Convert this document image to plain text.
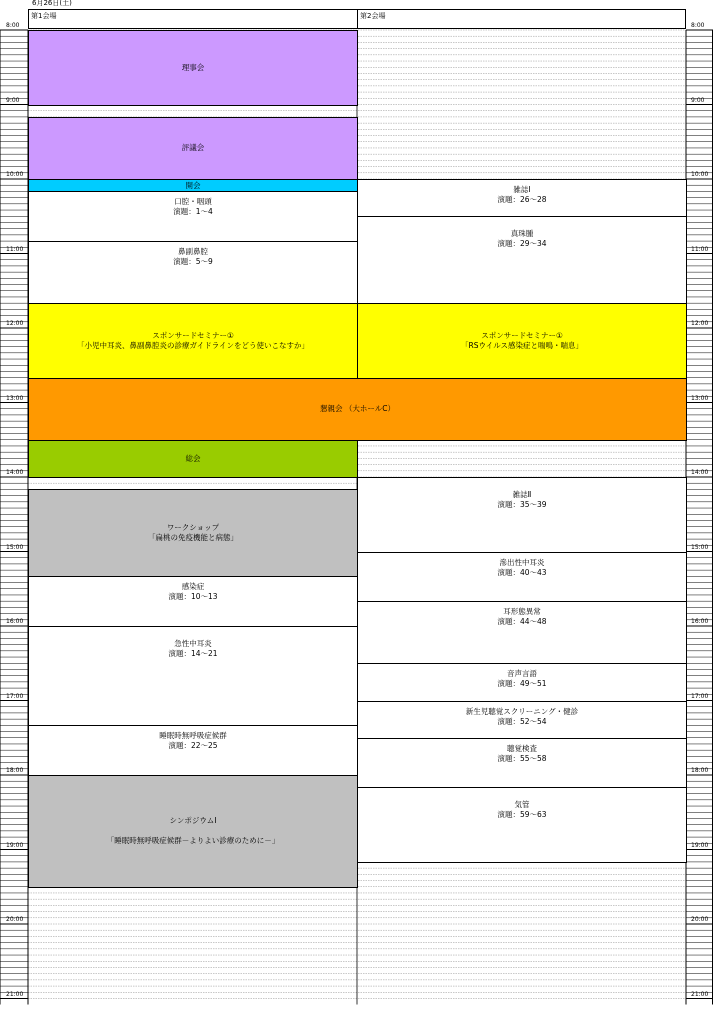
6月26日(土)
第1会場	第2会場
8:00
9:00
10:00
11:00
12:00
13:00
14:00
15:00
16:00
17:00
18:00
19:00
20:00
21:00
8:00
9:00
10:00
11:00
12:00
13:00
14:00
15:00
16:00
17:00
18:00
19:00
20:00
21:00
理事会
評議会
開会
口腔・咽頭
演題：1～4
鼻副鼻腔
演題：5～9
スポンサードセミナー①
「小児中耳炎、鼻副鼻腔炎の診療ガイドラインをどう使いこなすか」
雑誌Ⅰ
演題：26～28
真珠腫
演題：29～34
スポンサードセミナー①
「RSウイルス感染症と喘鳴・喘息」
懇親会 （大ホールC）
総会
ワークショップ
「扁桃の免疫機能と病態」
感染症
演題：10～13
急性中耳炎
演題：14～21
睡眠時無呼吸症候群
演題：22～25
シンポジウムⅠ

「睡眠時無呼吸症候群－よりよい診療のために－」
雑誌Ⅱ
演題：35～39
滲出性中耳炎
演題：40～43
耳形態異常
演題：44～48
音声言語
演題：49～51
新生児聴覚スクリーニング・健診
演題：52～54
聴覚検査
演題：55～58
気管
演題：59～63
